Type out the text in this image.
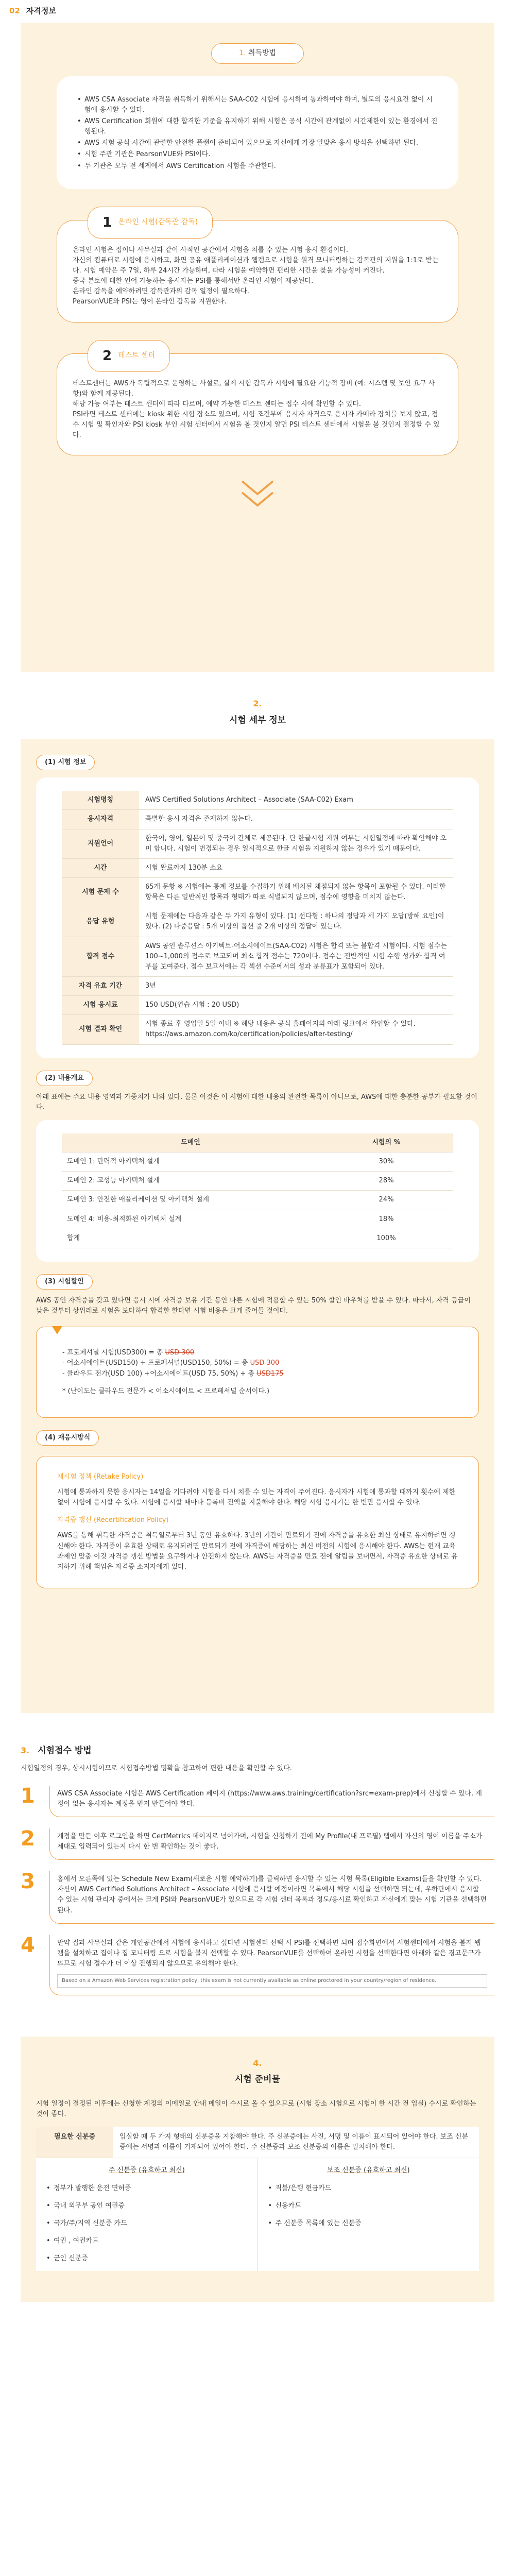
02 자격정보
1. 취득방법
• AWS CSA Associate 자격을 취득하기 위해서는 SAA-C02 시험에 응시하여 통과하여야 하며, 별도의 응시요건 없이 시험에 응시할 수 있다.
• AWS Certification 회원에 대한 합격한 기준을 유지하기 위해 시험은 공식 시간에 관계없이 시간제한이 있는 환경에서 진행된다.
• AWS 시험 공식 시간에 관련한 안전한 플랜이 준비되어 있으므로 자신에게 가장 알맞은 응시 방식을 선택하면 된다.
• 시험 주관 기관은 PearsonVUE와 PSI이다.
• 두 기관은 모두 전 세계에서 AWS Certification 시험을 주관한다.
1 온라인 시험(감독관 감독)

온라인 시험은 집이나 사무실과 같이 사적인 공간에서 시험을 치를 수 있는 시험 응시 환경이다.

자신의 컴퓨터로 시험에 응시하고, 화면 공유 애플리케이션과 웹캠으로 시험을 원격 모니터링하는 감독관의 지원을 1:1로 받는다. 시험 예약은 주 7일, 하루 24시간 가능하며, 따라 시험을 예약하면 편리한 시간을 찾을 가능성이 커진다.

중국 본토에 대한 언어 가능하는 응시자는 PSI를 통해서만 온라인 시험이 제공된다.

온라인 감독을 예약하려면 감독관과의 감독 일정이 필요하다.

PearsonVUE와 PSI는 영어 온라인 감독을 지원한다.

2 테스트 센터

테스트센터는 AWS가 독립적으로 운영하는 사설로, 실제 시험 감독과 시험에 필요한 기능적 장비 (예: 시스템 및 보안 요구 사항)와 함께 제공된다.

해당 가능 여부는 테스트 센터에 따라 다르며, 예약 가능한 테스트 센터는 접수 시에 확인할 수 있다.

PSI라면 테스트 센터에는 kiosk 위한 시험 장소도 있으며, 시험 조건부에 응시자 자격으로 응시자 카메라 장치를 보지 않고, 점수 시험 및 확인자와 PSI kiosk 부인 시험 센터에서 시험을 볼 것인지 알면 PSI 테스트 센터에서 시험을 볼 것인지 결정할 수 있다.

2.
시험 세부 정보
(1) 시험 정보
시험명칭	AWS Certified Solutions Architect – Associate (SAA-C02) Exam
응시자격	특별한 응시 자격은 존재하지 않는다.
지원언어	한국어, 영어, 일본어 및 중국어 간체로 제공된다. 단 한글시험 지원 여부는 시험일정에 따라 확인해야 오미 합니다. 시험이 변경되는 경우 일시적으로 한글 시험을 지원하지 않는 경우가 있기 때문이다.
시간	시험 완료까지 130분 소요
시험 문제 수	65개 문항 ※ 시험에는 통계 정보를 수집하기 위해 배치된 채점되지 않는 항목이 포함될 수 있다. 이러한 항목은 다른 일반적인 항목과 형태가 따로 식별되지 않으며, 점수에 영향을 미치지 않는다.
응답 유형	시험 문제에는 다음과 같은 두 가지 유형이 있다. (1) 선다형 : 하나의 정답과 세 가지 오답(방해 요인)이 있다. (2) 다중응답 : 5개 이상의 옵션 중 2개 이상의 정답이 있는다.
합격 점수	AWS 공인 솔루션스 아키텍트-어소시에이트(SAA-C02) 시험은 합격 또는 불합격 시험이다. 시험 점수는 100~1,000의 점수로 보고되며 최소 합격 점수는 720이다. 점수는 전반적인 시험 수행 성과와 합격 여부를 보여준다. 점수 보고서에는 각 섹션 수준에서의 성과 분류표가 포함되어 있다.
자격 유효 기간	3년
시험 응시료	150 USD(연습 시험 : 20 USD)
시험 결과 확인	시험 종료 후 영업일 5일 이내 ※ 해당 내용은 공식 홈페이지의 아래 링크에서 확인할 수 있다. https://aws.amazon.com/ko/certification/policies/after-testing/
(2) 내용개요

아래 표에는 주요 내용 영역과 가중치가 나와 있다. 물론 이것은 이 시험에 대한 내용의 완전한 목록이 아니므로, AWS에 대한 충분한 공부가 필요할 것이다.

도메인	시험의 %
도메인 1: 탄력적 아키텍처 설계	30%
도메인 2: 고성능 아키텍처 설계	28%
도메인 3: 안전한 애플리케이션 및 아키텍처 설계	24%
도메인 4: 비용-최적화된 아키텍처 설계	18%
합계	100%
(3) 시험할인

AWS 공인 자격증을 갖고 있다면 응시 시에 자격증 보유 기간 동안 다른 시험에 적용할 수 있는 50% 할인 바우처를 받을 수 있다. 따라서, 자격 등급이 낮은 것부터 상위레로 시험을 보다하여 합격한 한다면 시험 비용은 크게 줄어들 것이다.

- 프로페셔널 시험(USD300) = 총 USD 300
- 어소시에이트(USD150) + 프로페셔널(USD150, 50%) = 총 USD 300
- 클라우드 전가(USD 100) +어소시에이트(USD 75, 50%) + 총 USD175
* (난이도는 클라우드 전문가 < 어소시에이트 < 프로페셔널 순서이다.)
(4) 재응시방식
재시험 정책 (Retake Policy)

시험에 통과하지 못한 응시자는 14일을 기다려야 시험을 다시 치를 수 있는 자격이 주어진다. 응시자가 시험에 통과할 때까지 횟수에 제한 없이 시험에 응시할 수 있다. 시험에 응시할 때마다 등록비 전액을 지불해야 한다. 해당 시험 응시기는 한 번만 응시할 수 있다.

자격증 갱신 (Recertification Policy)

AWS를 통해 취득한 자격증은 취득일로부터 3년 동안 유효하다. 3년의 기간이 만료되기 전에 자격증을 유효한 최신 상태로 유지하려면 갱신해야 한다. 자격증이 유효한 상태로 유지되려면 만료되기 전에 자격증에 해당하는 최신 버전의 시험에 응시해야 한다. AWS는 현재 교육 과제인 맞춤 이것 자격증 갱신 방법을 요구하거나 안전하지 않는다. AWS는 자격증을 만료 전에 알림을 보내면서, 자격증 유효한 상태로 유지하기 위해 책임은 자격증 소지자에게 있다.

3. 시험접수 방법

시험일정의 경우, 상시시험이므로 시험접수방법 명확을 참고하여 편한 내용을 확인할 수 있다.

1	AWS CSA Associate 시험은 AWS Certification 페이지 (https://www.aws.training/certification?src=exam-prep)에서 신청할 수 있다. 계정이 없는 응시자는 계정을 먼저 만들어야 한다.
2	계정을 만든 이후 로그인을 하면 CertMetrics 페이지로 넘어가며, 시험을 신청하기 전에 My Profile(내 프로필) 탭에서 자신의 영어 이름을 주소가 제대로 입력되어 있는지 다시 한 번 확인하는 것이 좋다.
3	홈에서 오른쪽에 있는 Schedule New Exam(새로운 시험 예약하기)를 클릭하면 응시할 수 있는 시험 목록(Eligible Exams)들을 확인할 수 있다. 자신이 AWS Certified Solutions Architect – Associate 시험에 응시할 예정이라면 목록에서 해당 시험을 선택하면 되는데, 우하단에서 응시할 수 있는 시험 관리자 중에서는 크게 PSI와 PearsonVUE가 있으므로 각 시험 센터 목록과 정도/응시료 확인하고 자신에게 맞는 시험 기관을 선택하면 된다.
4	만약 집과 사무실과 같은 개인공간에서 시험에 응시하고 싶다면 시험센터 선택 시 PSI를 선택하면 되며 접수화면에서 시험센터에서 시험을 볼지 웹캠을 설치하고 집이나 집 모니터링 으로 시험을 볼지 선택할 수 있다. PearsonVUE를 선택하여 온라인 시험을 선택한다면 아래와 같은 경고문구가 뜨므로 시험 접수가 더 이상 진행되지 않으므로 유의해야 한다.
Based on a Amazon Web Services registration policy, this exam is not currently available as online proctored in your country/region of residence.
4.
시험 준비물

시험 일정이 결정된 이후에는 신청한 계정의 이메일로 안내 메일이 수시로 올 수 있으므로 (시험 장소 시험으로 시험이 한 시간 전 입실) 수시로 확인하는 것이 좋다.

필요한 신분증	입실할 때 두 가지 형태의 신분증을 지참해야 한다. 주 신분증에는 사진, 서명 및 이름이 표시되어 있어야 한다. 보조 신분증에는 서명과 이름이 기재되어 있어야 한다. 주 신분증과 보조 신분증의 이름은 일치해야 한다.
주 신분증 (유효하고 최신)
• 정부가 발행한 운전 면허증
• 국내 외무부 공인 여권증
• 국가/주/지역 신분증 카드
• 여권 , 여권카드
• 군인 신분증
보조 신분증 (유효하고 최신)
• 직불/은행 현금카드
• 신용카드
• 주 신분증 목록에 있는 신분증
